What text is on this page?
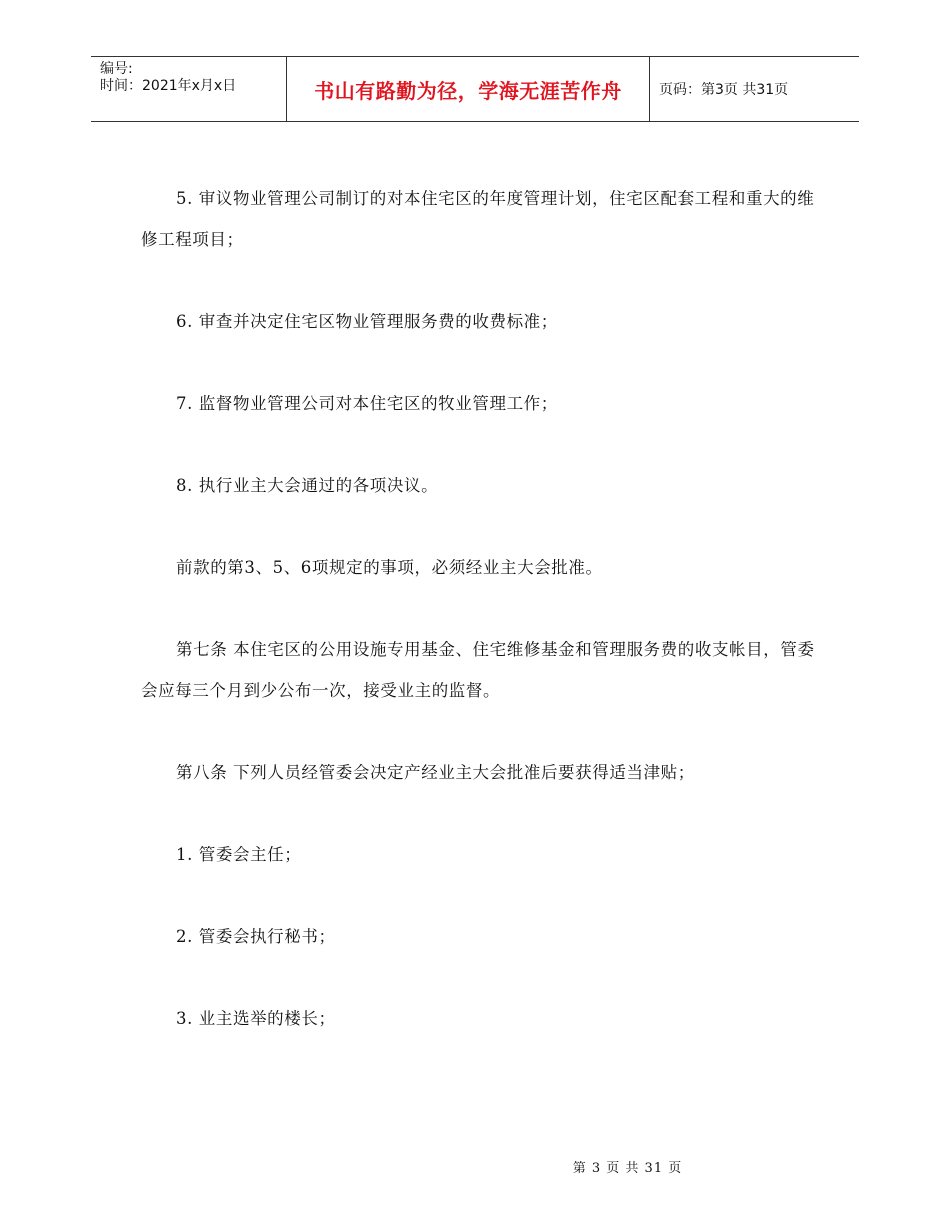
编号:
时间：2021年x月x日	书山有路勤为径，学海无涯苦作舟	页码：第3页 共31页

5. 审议物业管理公司制订的对本住宅区的年度管理计划，住宅区配套工程和重大的维修工程项目；

6. 审查并决定住宅区物业管理服务费的收费标准；

7. 监督物业管理公司对本住宅区的牧业管理工作；

8. 执行业主大会通过的各项决议。

前款的第3、5、6项规定的事项，必须经业主大会批准。

第七条 本住宅区的公用设施专用基金、住宅维修基金和管理服务费的收支帐目，管委会应每三个月到少公布一次，接受业主的监督。

第八条 下列人员经管委会决定产经业主大会批准后要获得适当津贴；

1. 管委会主任；

2. 管委会执行秘书；

3. 业主选举的楼长；

第 3 页 共 31 页
